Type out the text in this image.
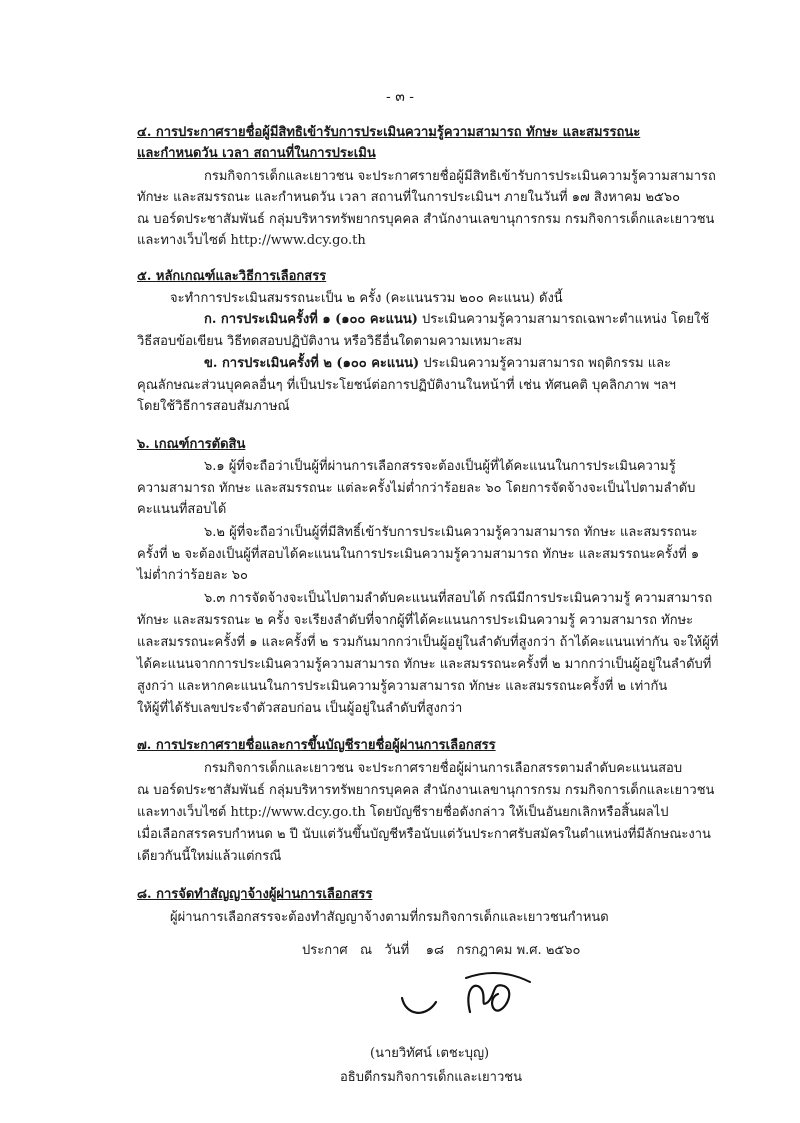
- ๓ -
๔. การประกาศรายชื่อผู้มีสิทธิเข้ารับการประเมินความรู้ความสามารถ ทักษะ และสมรรถนะ
และกำหนดวัน เวลา สถานที่ในการประเมิน
กรมกิจการเด็กและเยาวชน จะประกาศรายชื่อผู้มีสิทธิเข้ารับการประเมินความรู้ความสามารถ
ทักษะ และสมรรถนะ และกำหนดวัน เวลา สถานที่ในการประเมินฯ ภายในวันที่ ๑๗ สิงหาคม ๒๕๖๐
ณ บอร์ดประชาสัมพันธ์ กลุ่มบริหารทรัพยากรบุคคล สำนักงานเลขานุการกรม กรมกิจการเด็กและเยาวชน
และทางเว็บไซต์ http://www.dcy.go.th
๕. หลักเกณฑ์และวิธีการเลือกสรร
จะทำการประเมินสมรรถนะเป็น ๒ ครั้ง (คะแนนรวม ๒๐๐ คะแนน) ดังนี้
ก. การประเมินครั้งที่ ๑ (๑๐๐ คะแนน) ประเมินความรู้ความสามารถเฉพาะตำแหน่ง โดยใช้
วิธีสอบข้อเขียน วิธีทดสอบปฏิบัติงาน หรือวิธีอื่นใดตามความเหมาะสม
ข. การประเมินครั้งที่ ๒ (๑๐๐ คะแนน) ประเมินความรู้ความสามารถ พฤติกรรม และ
คุณลักษณะส่วนบุคคลอื่นๆ ที่เป็นประโยชน์ต่อการปฏิบัติงานในหน้าที่ เช่น ทัศนคติ บุคลิกภาพ ฯลฯ
โดยใช้วิธีการสอบสัมภาษณ์
๖. เกณฑ์การตัดสิน
๖.๑ ผู้ที่จะถือว่าเป็นผู้ที่ผ่านการเลือกสรรจะต้องเป็นผู้ที่ได้คะแนนในการประเมินความรู้
ความสามารถ ทักษะ และสมรรถนะ แต่ละครั้งไม่ต่ำกว่าร้อยละ ๖๐ โดยการจัดจ้างจะเป็นไปตามลำดับ
คะแนนที่สอบได้
๖.๒ ผู้ที่จะถือว่าเป็นผู้ที่มีสิทธิ์เข้ารับการประเมินความรู้ความสามารถ ทักษะ และสมรรถนะ
ครั้งที่ ๒ จะต้องเป็นผู้ที่สอบได้คะแนนในการประเมินความรู้ความสามารถ ทักษะ และสมรรถนะครั้งที่ ๑
ไม่ต่ำกว่าร้อยละ ๖๐
๖.๓ การจัดจ้างจะเป็นไปตามลำดับคะแนนที่สอบได้ กรณีมีการประเมินความรู้ ความสามารถ
ทักษะ และสมรรถนะ ๒ ครั้ง จะเรียงลำดับที่จากผู้ที่ได้คะแนนการประเมินความรู้ ความสามารถ ทักษะ
และสมรรถนะครั้งที่ ๑ และครั้งที่ ๒ รวมกันมากกว่าเป็นผู้อยู่ในลำดับที่สูงกว่า ถ้าได้คะแนนเท่ากัน จะให้ผู้ที่
ได้คะแนนจากการประเมินความรู้ความสามารถ ทักษะ และสมรรถนะครั้งที่ ๒ มากกว่าเป็นผู้อยู่ในลำดับที่
สูงกว่า และหากคะแนนในการประเมินความรู้ความสามารถ ทักษะ และสมรรถนะครั้งที่ ๒ เท่ากัน
ให้ผู้ที่ได้รับเลขประจำตัวสอบก่อน เป็นผู้อยู่ในลำดับที่สูงกว่า
๗. การประกาศรายชื่อและการขึ้นบัญชีรายชื่อผู้ผ่านการเลือกสรร
กรมกิจการเด็กและเยาวชน จะประกาศรายชื่อผู้ผ่านการเลือกสรรตามลำดับคะแนนสอบ
ณ บอร์ดประชาสัมพันธ์ กลุ่มบริหารทรัพยากรบุคคล สำนักงานเลขานุการกรม กรมกิจการเด็กและเยาวชน
และทางเว็บไซต์ http://www.dcy.go.th โดยบัญชีรายชื่อดังกล่าว ให้เป็นอันยกเลิกหรือสิ้นผลไป
เมื่อเลือกสรรครบกำหนด ๒ ปี นับแต่วันขึ้นบัญชีหรือนับแต่วันประกาศรับสมัครในตำแหน่งที่มีลักษณะงาน
เดียวกันนี้ใหม่แล้วแต่กรณี
๘. การจัดทำสัญญาจ้างผู้ผ่านการเลือกสรร
ผู้ผ่านการเลือกสรรจะต้องทำสัญญาจ้างตามที่กรมกิจการเด็กและเยาวชนกำหนด
ประกาศ   ณ   วันที่    ๑๘   กรกฎาคม พ.ศ. ๒๕๖๐
(นายวิทัศน์ เตชะบุญ)
อธิบดีกรมกิจการเด็กและเยาวชน
